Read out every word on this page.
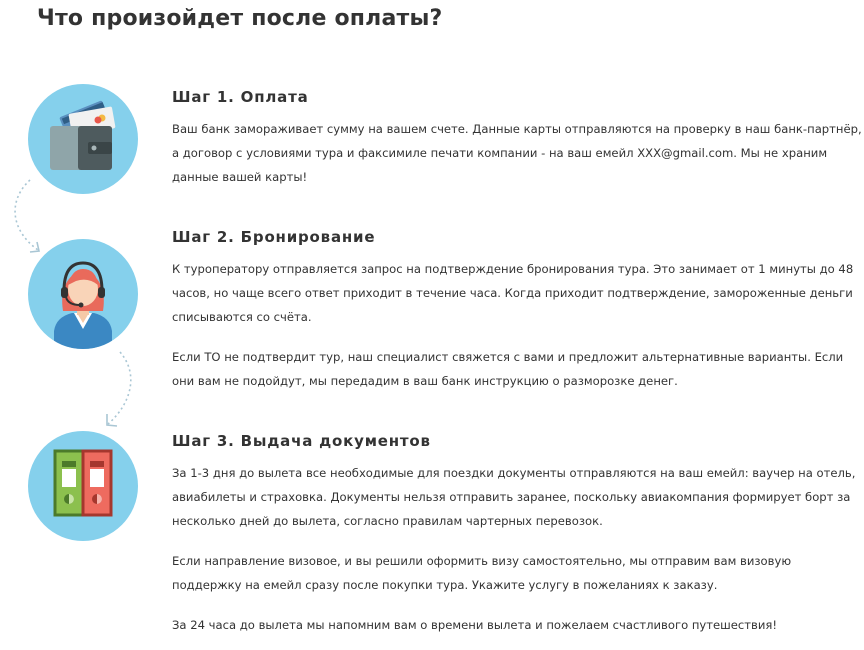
Что произойдет после оплаты?
Шаг 1. Оплата

Ваш банк замораживает сумму на вашем счете. Данные карты отправляются на проверку в наш банк-партнёр,
а договор с условиями тура и факсимиле печати компании - на ваш емейл XXX@gmail.com. Мы не храним
данные вашей карты!

Шаг 2. Бронирование

К туроператору отправляется запрос на подтверждение бронирования тура. Это занимает от 1 минуты до 48
часов, но чаще всего ответ приходит в течение часа. Когда приходит подтверждение, замороженные деньги
списываются со счёта.

Если ТО не подтвердит тур, наш специалист свяжется с вами и предложит альтернативные варианты. Если
они вам не подойдут, мы передадим в ваш банк инструкцию о разморозке денег.

Шаг 3. Выдача документов

За 1-3 дня до вылета все необходимые для поездки документы отправляются на ваш емейл: ваучер на отель,
авиабилеты и страховка. Документы нельзя отправить заранее, поскольку авиакомпания формирует борт за
несколько дней до вылета, согласно правилам чартерных перевозок.

Если направление визовое, и вы решили оформить визу самостоятельно, мы отправим вам визовую
поддержку на емейл сразу после покупки тура. Укажите услугу в пожеланиях к заказу.

За 24 часа до вылета мы напомним вам о времени вылета и пожелаем счастливого путешествия!
